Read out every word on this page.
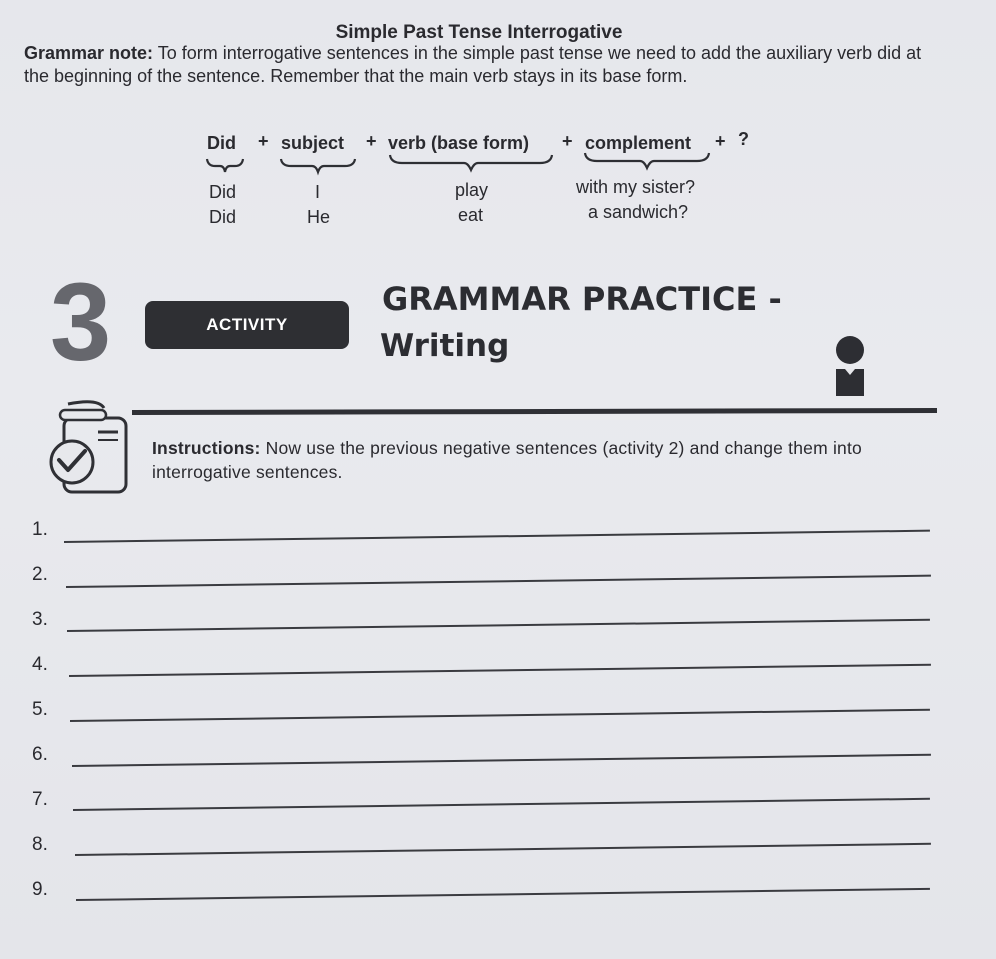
Simple Past Tense Interrogative
Grammar note: To form interrogative sentences in the simple past tense we need to add the auxiliary verb did at the beginning of the sentence. Remember that the main verb stays in its base form.
Did + subject + verb (base form) + complement + ?
Did	I	play	with my sister?
Did	He	eat	a sandwich?
3	ACTIVITY
GRAMMAR PRACTICE -
Writing
Instructions: Now use the previous negative sentences (activity 2) and change them into interrogative sentences.
1.
2.
3.
4.
5.
6.
7.
8.
9.
